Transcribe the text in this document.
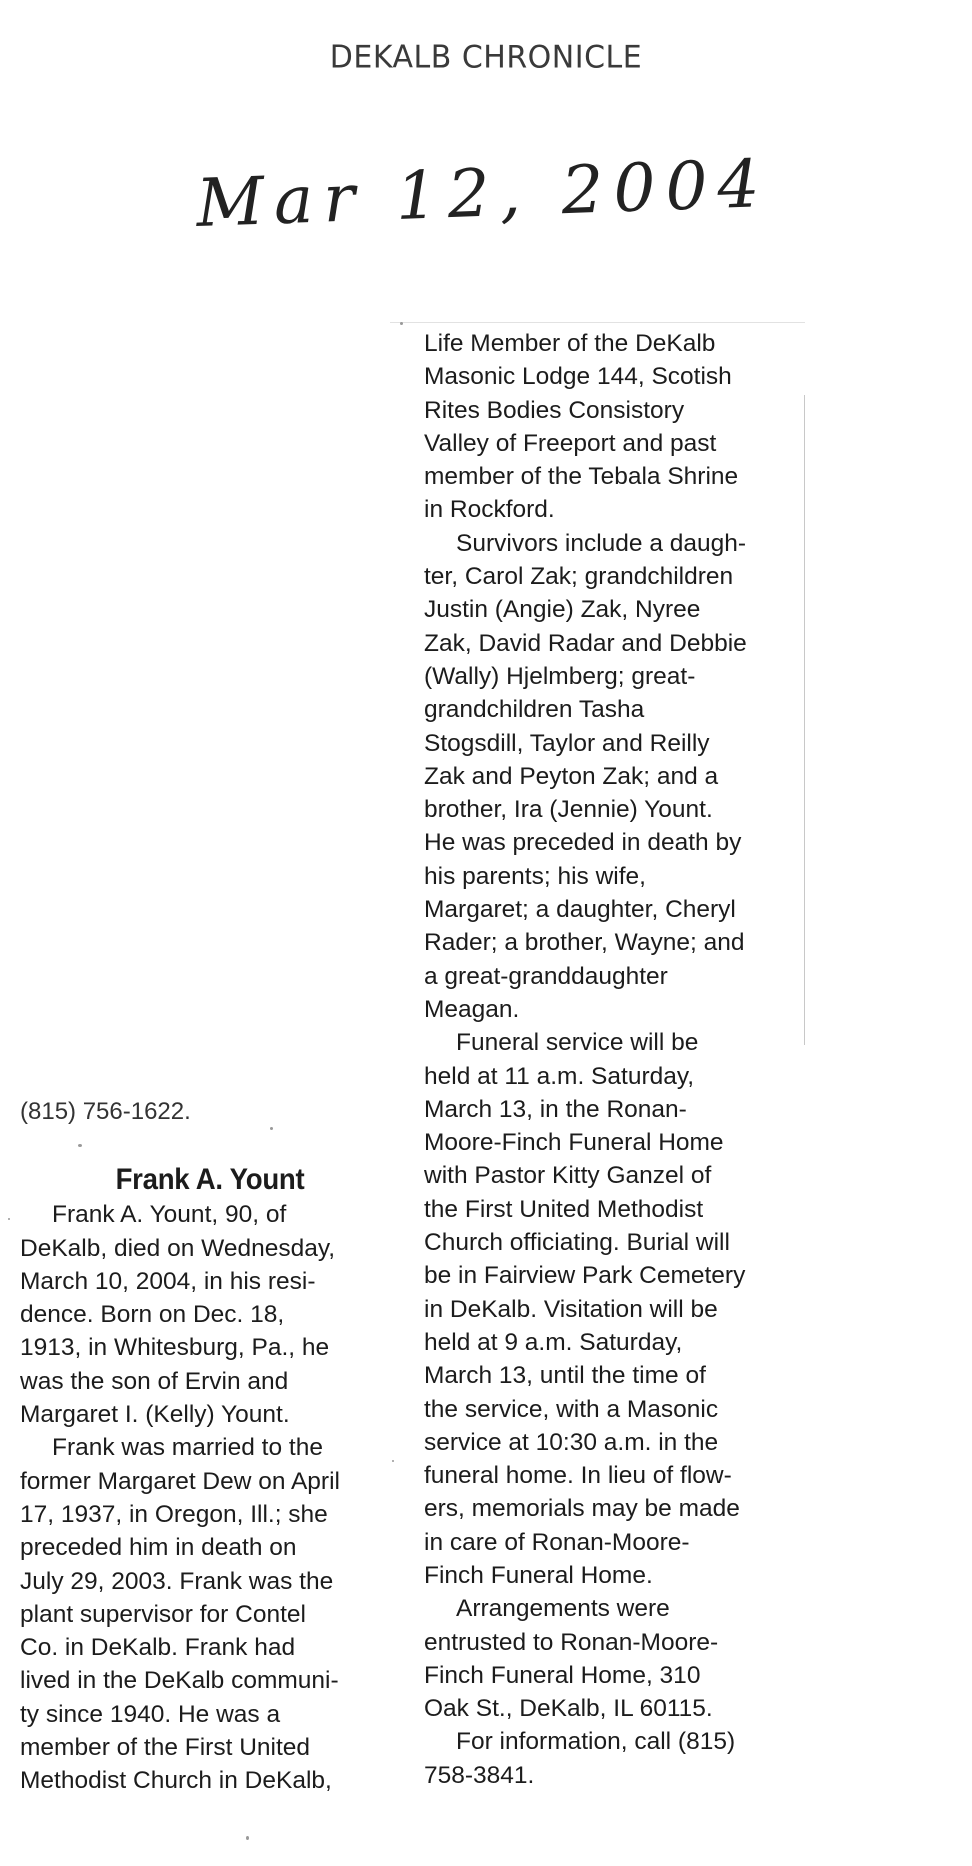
DEKALB CHRONICLE
Mar 12, 2004
(815) 756-1622.
Frank A. Yount

Frank A. Yount, 90, of

DeKalb, died on Wednesday,

March 10, 2004, in his resi-

dence. Born on Dec. 18,

1913, in Whitesburg, Pa., he

was the son of Ervin and

Margaret I. (Kelly) Yount.

Frank was married to the

former Margaret Dew on April

17, 1937, in Oregon, Ill.; she

preceded him in death on

July 29, 2003. Frank was the

plant supervisor for Contel

Co. in DeKalb. Frank had

lived in the DeKalb communi-

ty since 1940. He was a

member of the First United

Methodist Church in DeKalb,

Life Member of the DeKalb

Masonic Lodge 144, Scotish

Rites Bodies Consistory

Valley of Freeport and past

member of the Tebala Shrine

in Rockford.

Survivors include a daugh-

ter, Carol Zak; grandchildren

Justin (Angie) Zak, Nyree

Zak, David Radar and Debbie

(Wally) Hjelmberg; great-

grandchildren Tasha

Stogsdill, Taylor and Reilly

Zak and Peyton Zak; and a

brother, Ira (Jennie) Yount.

He was preceded in death by

his parents; his wife,

Margaret; a daughter, Cheryl

Rader; a brother, Wayne; and

a great-granddaughter

Meagan.

Funeral service will be

held at 11 a.m. Saturday,

March 13, in the Ronan-

Moore-Finch Funeral Home

with Pastor Kitty Ganzel of

the First United Methodist

Church officiating. Burial will

be in Fairview Park Cemetery

in DeKalb. Visitation will be

held at 9 a.m. Saturday,

March 13, until the time of

the service, with a Masonic

service at 10:30 a.m. in the

funeral home. In lieu of flow-

ers, memorials may be made

in care of Ronan-Moore-

Finch Funeral Home.

Arrangements were

entrusted to Ronan-Moore-

Finch Funeral Home, 310

Oak St., DeKalb, IL 60115.

For information, call (815)

758-3841.
